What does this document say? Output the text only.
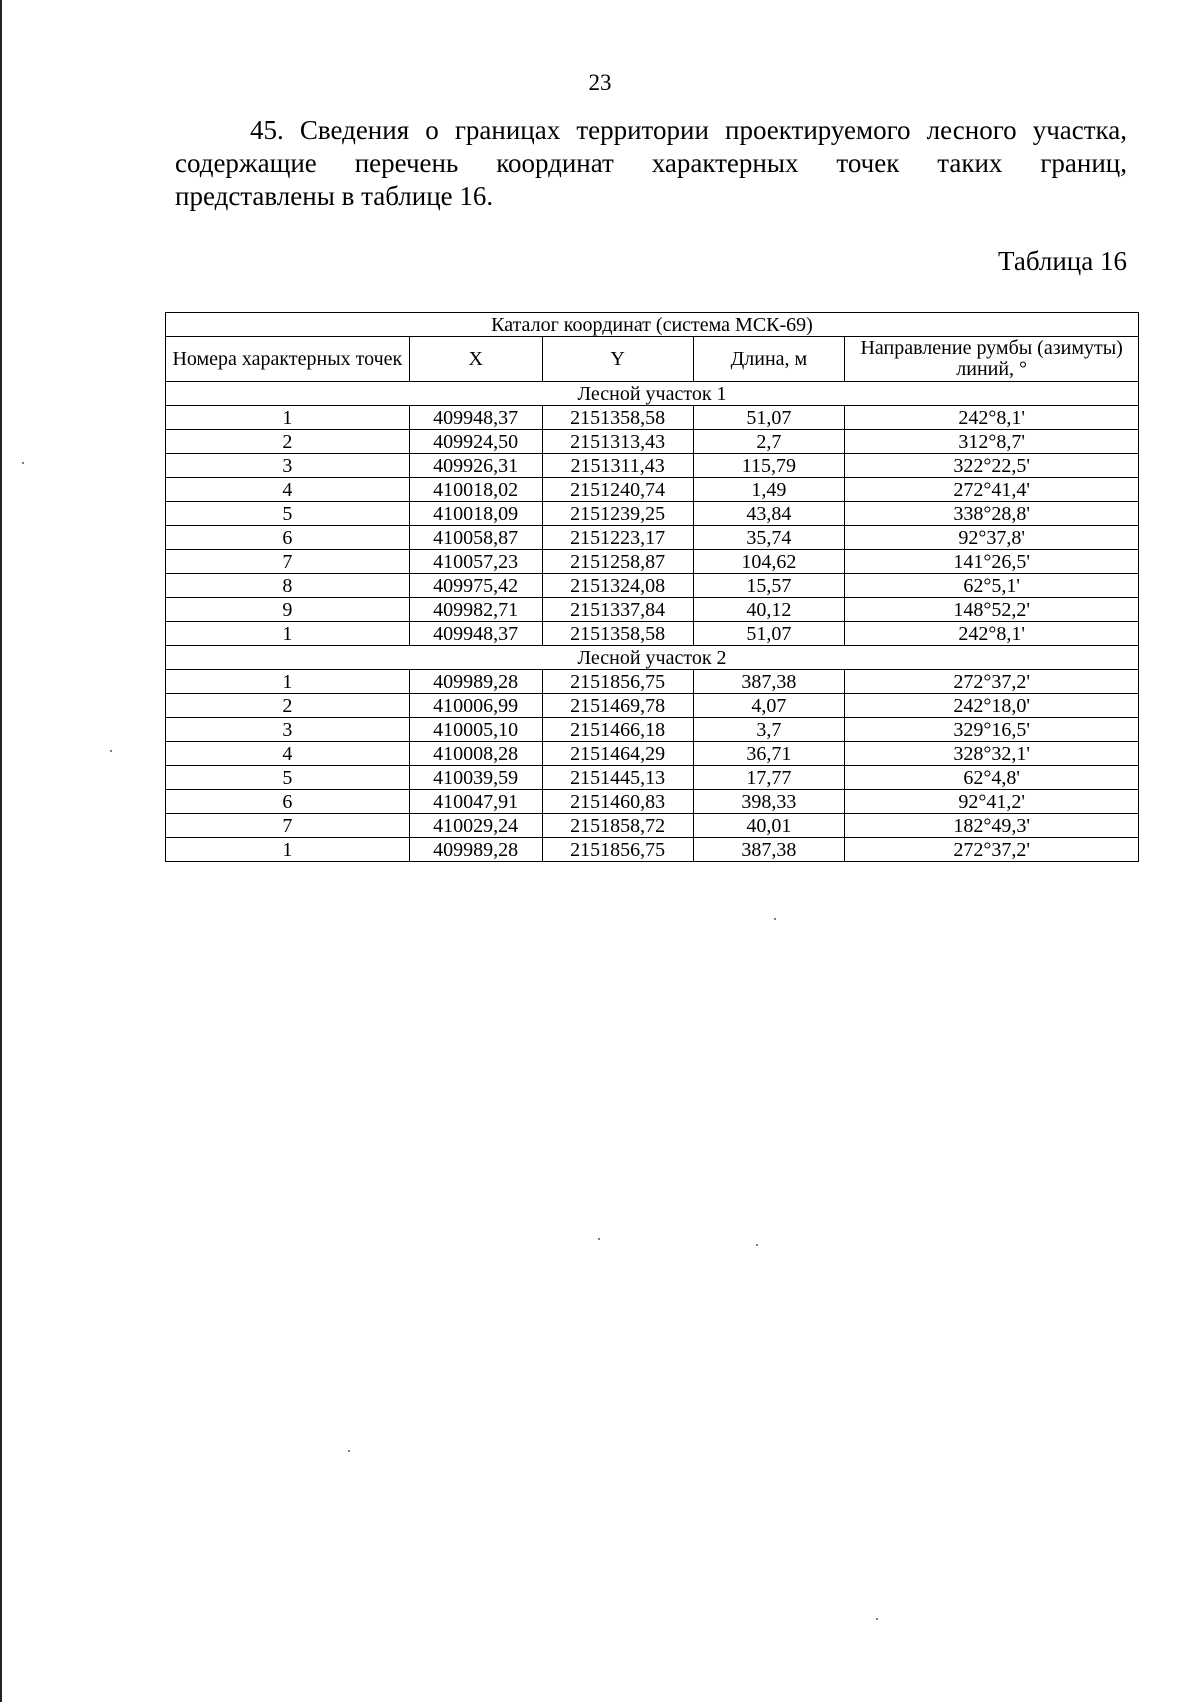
23
45. Сведения о границах территории проектируемого лесного участка,
содержащие перечень координат характерных точек таких границ,
представлены в таблице 16.
Таблица 16
Каталог координат (система МСК-69)				
Номера характерных точек	X	Y	Длина, м	Направление румбы (азимуты) линий, °
Лесной участок 1				
1	409948,37	2151358,58	51,07	242°8,1'
2	409924,50	2151313,43	2,7	312°8,7'
3	409926,31	2151311,43	115,79	322°22,5'
4	410018,02	2151240,74	1,49	272°41,4'
5	410018,09	2151239,25	43,84	338°28,8'
6	410058,87	2151223,17	35,74	92°37,8'
7	410057,23	2151258,87	104,62	141°26,5'
8	409975,42	2151324,08	15,57	62°5,1'
9	409982,71	2151337,84	40,12	148°52,2'
1	409948,37	2151358,58	51,07	242°8,1'
Лесной участок 2				
1	409989,28	2151856,75	387,38	272°37,2'
2	410006,99	2151469,78	4,07	242°18,0'
3	410005,10	2151466,18	3,7	329°16,5'
4	410008,28	2151464,29	36,71	328°32,1'
5	410039,59	2151445,13	17,77	62°4,8'
6	410047,91	2151460,83	398,33	92°41,2'
7	410029,24	2151858,72	40,01	182°49,3'
1	409989,28	2151856,75	387,38	272°37,2'
